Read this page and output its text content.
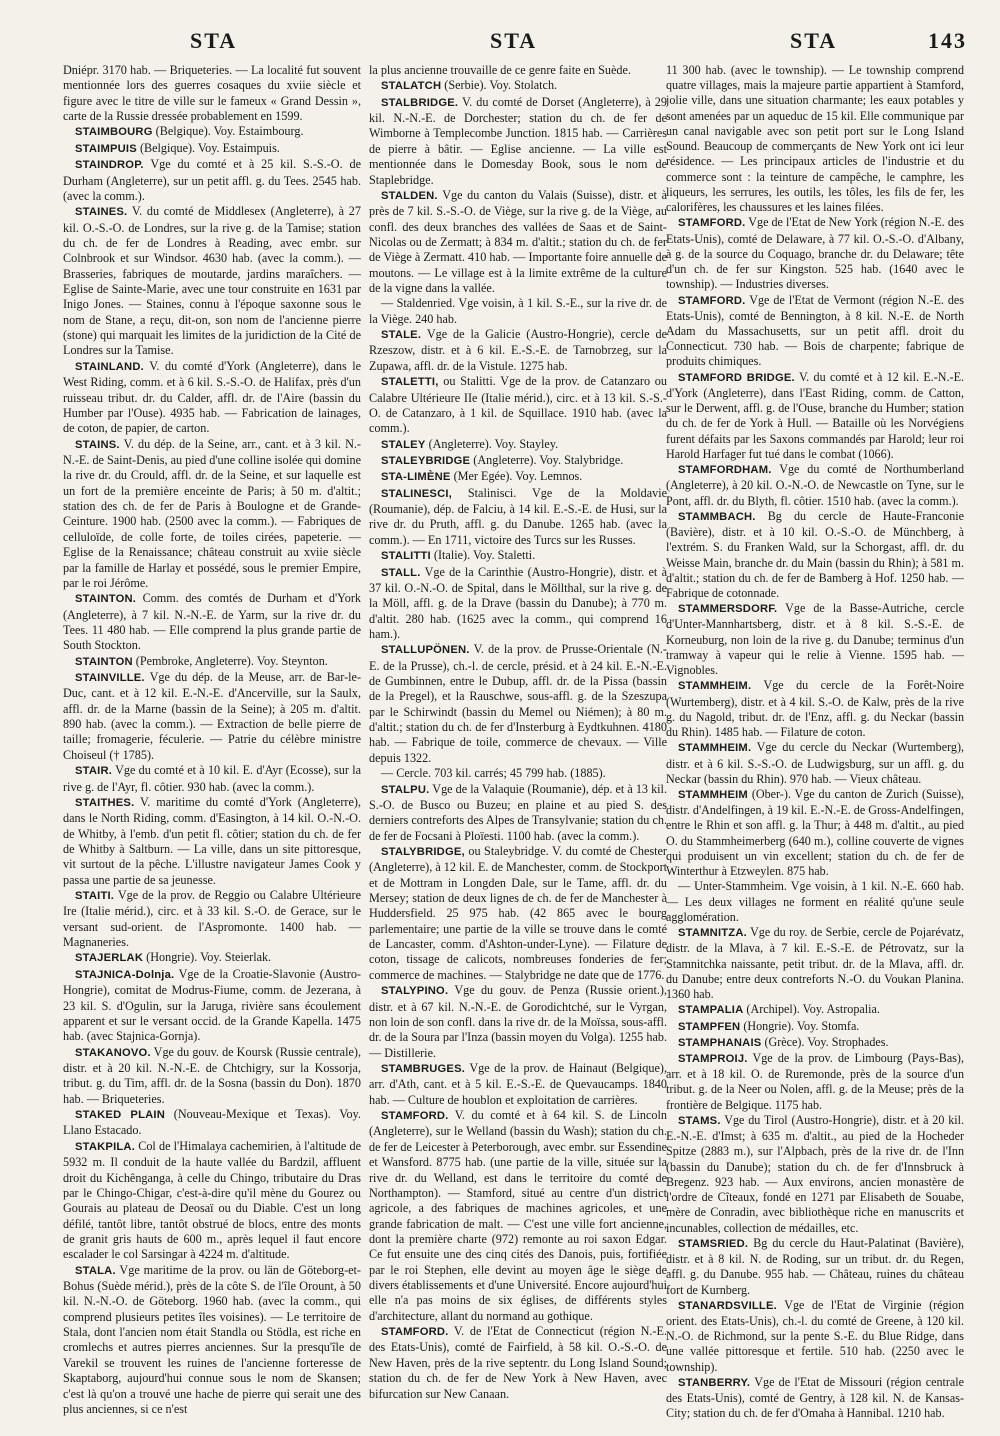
STA	STA	STA	143

Dniépr. 3170 hab. — Briqueteries. — La localité fut souvent mentionnée lors des guerres cosaques du xviie siècle et figure avec le titre de ville sur le fameux « Grand Dessin », carte de la Russie dressée probablement en 1599.

STAIMBOURG (Belgique). Voy. Estaimbourg.

STAIMPUIS (Belgique). Voy. Estaimpuis.

STAINDROP. Vge du comté et à 25 kil. S.-S.-O. de Durham (Angleterre), sur un petit affl. g. du Tees. 2545 hab. (avec la comm.).

STAINES. V. du comté de Middlesex (Angleterre), à 27 kil. O.-S.-O. de Londres, sur la rive g. de la Tamise; station du ch. de fer de Londres à Reading, avec embr. sur Colnbrook et sur Windsor. 4630 hab. (avec la comm.). — Brasseries, fabriques de moutarde, jardins maraîchers. — Eglise de Sainte-Marie, avec une tour construite en 1631 par Inigo Jones. — Staines, connu à l'époque saxonne sous le nom de Stane, a reçu, dit-on, son nom de l'ancienne pierre (stone) qui marquait les limites de la juridiction de la Cité de Londres sur la Tamise.

STAINLAND. V. du comté d'York (Angleterre), dans le West Riding, comm. et à 6 kil. S.-S.-O. de Halifax, près d'un ruisseau tribut. dr. du Calder, affl. dr. de l'Aire (bassin du Humber par l'Ouse). 4935 hab. — Fabrication de lainages, de coton, de papier, de carton.

STAINS. V. du dép. de la Seine, arr., cant. et à 3 kil. N.-N.-E. de Saint-Denis, au pied d'une colline isolée qui domine la rive dr. du Crould, affl. dr. de la Seine, et sur laquelle est un fort de la première enceinte de Paris; à 50 m. d'altit.; station des ch. de fer de Paris à Boulogne et de Grande-Ceinture. 1900 hab. (2500 avec la comm.). — Fabriques de celluloïde, de colle forte, de toiles cirées, papeterie. — Eglise de la Renaissance; château construit au xviie siècle par la famille de Harlay et possédé, sous le premier Empire, par le roi Jérôme.

STAINTON. Comm. des comtés de Durham et d'York (Angleterre), à 7 kil. N.-N.-E. de Yarm, sur la rive dr. du Tees. 11 480 hab. — Elle comprend la plus grande partie de South Stockton.

STAINTON (Pembroke, Angleterre). Voy. Steynton.

STAINVILLE. Vge du dép. de la Meuse, arr. de Bar-le-Duc, cant. et à 12 kil. E.-N.-E. d'Ancerville, sur la Saulx, affl. dr. de la Marne (bassin de la Seine); à 205 m. d'altit. 890 hab. (avec la comm.). — Extraction de belle pierre de taille; fromagerie, féculerie. — Patrie du célèbre ministre Choiseul († 1785).

STAIR. Vge du comté et à 10 kil. E. d'Ayr (Ecosse), sur la rive g. de l'Ayr, fl. côtier. 930 hab. (avec la comm.).

STAITHES. V. maritime du comté d'York (Angleterre), dans le North Riding, comm. d'Easington, à 14 kil. O.-N.-O. de Whitby, à l'emb. d'un petit fl. côtier; station du ch. de fer de Whitby à Saltburn. — La ville, dans un site pittoresque, vit surtout de la pêche. L'illustre navigateur James Cook y passa une partie de sa jeunesse.

STAITI. Vge de la prov. de Reggio ou Calabre Ultérieure Ire (Italie mérid.), circ. et à 33 kil. S.-O. de Gerace, sur le versant sud-orient. de l'Aspromonte. 1400 hab. — Magnaneries.

STAJERLAK (Hongrie). Voy. Steierlak.

STAJNICA-Dolnja. Vge de la Croatie-Slavonie (Austro-Hongrie), comitat de Modrus-Fiume, comm. de Jezerana, à 23 kil. S. d'Ogulin, sur la Jaruga, rivière sans écoulement apparent et sur le versant occid. de la Grande Kapella. 1475 hab. (avec Stajnica-Gornja).

STAKANOVO. Vge du gouv. de Koursk (Russie centrale), distr. et à 20 kil. N.-N.-E. de Chtchigry, sur la Kossorja, tribut. g. du Tim, affl. dr. de la Sosna (bassin du Don). 1870 hab. — Briqueteries.

STAKED PLAIN (Nouveau-Mexique et Texas). Voy. Llano Estacado.

STAKPILA. Col de l'Himalaya cachemirien, à l'altitude de 5932 m. Il conduit de la haute vallée du Bardzil, affluent droit du Kichênganga, à celle du Chingo, tributaire du Dras par le Chingo-Chigar, c'est-à-dire qu'il mène du Gourez ou Gourais au plateau de Deosaï ou du Diable. C'est un long défilé, tantôt libre, tantôt obstrué de blocs, entre des monts de granit gris hauts de 600 m., après lequel il faut encore escalader le col Sarsingar à 4224 m. d'altitude.

STALA. Vge maritime de la prov. ou län de Göteborg-et-Bohus (Suède mérid.), près de la côte S. de l'île Orount, à 50 kil. N.-N.-O. de Göteborg. 1960 hab. (avec la comm., qui comprend plusieurs petites îles voisines). — Le territoire de Stala, dont l'ancien nom était Standla ou Stödla, est riche en cromlechs et autres pierres anciennes. Sur la presqu'île de Varekil se trouvent les ruines de l'ancienne forteresse de Skaptaborg, aujourd'hui connue sous le nom de Skansen; c'est là qu'on a trouvé une hache de pierre qui serait une des plus anciennes, si ce n'est

la plus ancienne trouvaille de ce genre faite en Suède.

STALATCH (Serbie). Voy. Stolatch.

STALBRIDGE. V. du comté de Dorset (Angleterre), à 29 kil. N.-N.-E. de Dorchester; station du ch. de fer de Wimborne à Templecombe Junction. 1815 hab. — Carrières de pierre à bâtir. — Eglise ancienne. — La ville est mentionnée dans le Domesday Book, sous le nom de Staplebridge.

STALDEN. Vge du canton du Valais (Suisse), distr. et à près de 7 kil. S.-S.-O. de Viège, sur la rive g. de la Viège, au confl. des deux branches des vallées de Saas et de Saint-Nicolas ou de Zermatt; à 834 m. d'altit.; station du ch. de fer de Viège à Zermatt. 410 hab. — Importante foire annuelle de moutons. — Le village est à la limite extrême de la culture de la vigne dans la vallée.

— Staldenried. Vge voisin, à 1 kil. S.-E., sur la rive dr. de la Viège. 240 hab.

STALE. Vge de la Galicie (Austro-Hongrie), cercle de Rzeszow, distr. et à 6 kil. E.-S.-E. de Tarnobrzeg, sur la Zupawa, affl. dr. de la Vistule. 1275 hab.

STALETTI, ou Stalitti. Vge de la prov. de Catanzaro ou Calabre Ultérieure IIe (Italie mérid.), circ. et à 13 kil. S.-S.-O. de Catanzaro, à 1 kil. de Squillace. 1910 hab. (avec la comm.).

STALEY (Angleterre). Voy. Stayley.

STALEYBRIDGE (Angleterre). Voy. Stalybridge.

STA-LIMÈNE (Mer Egée). Voy. Lemnos.

STALINESCI, Stalinisci. Vge de la Moldavie (Roumanie), dép. de Falciu, à 14 kil. E.-S.-E. de Husi, sur la rive dr. du Pruth, affl. g. du Danube. 1265 hab. (avec la comm.). — En 1711, victoire des Turcs sur les Russes.

STALITTI (Italie). Voy. Staletti.

STALL. Vge de la Carinthie (Austro-Hongrie), distr. et à 37 kil. O.-N.-O. de Spital, dans le Möllthal, sur la rive g. de la Möll, affl. g. de la Drave (bassin du Danube); à 770 m. d'altit. 280 hab. (1625 avec la comm., qui comprend 16 ham.).

STALLUPÖNEN. V. de la prov. de Prusse-Orientale (N.-E. de la Prusse), ch.-l. de cercle, présid. et à 24 kil. E.-N.-E. de Gumbinnen, entre le Dubup, affl. dr. de la Pissa (bassin de la Pregel), et la Rauschwe, sous-affl. g. de la Szeszupa par le Schirwindt (bassin du Memel ou Niémen); à 80 m. d'altit.; station du ch. de fer d'Insterburg à Eydtkuhnen. 4180 hab. — Fabrique de toile, commerce de chevaux. — Ville depuis 1322.

— Cercle. 703 kil. carrés; 45 799 hab. (1885).

STALPU. Vge de la Valaquie (Roumanie), dép. et à 13 kil. S.-O. de Busco ou Buzeu; en plaine et au pied S. des derniers contreforts des Alpes de Transylvanie; station du ch. de fer de Focsani à Ploïesti. 1100 hab. (avec la comm.).

STALYBRIDGE, ou Staleybridge. V. du comté de Chester (Angleterre), à 12 kil. E. de Manchester, comm. de Stockport et de Mottram in Longden Dale, sur le Tame, affl. dr. du Mersey; station de deux lignes de ch. de fer de Manchester à Huddersfield. 25 975 hab. (42 865 avec le bourg parlementaire; une partie de la ville se trouve dans le comté de Lancaster, comm. d'Ashton-under-Lyne). — Filature de coton, tissage de calicots, nombreuses fonderies de fer; commerce de machines. — Stalybridge ne date que de 1776.

STALYPINO. Vge du gouv. de Penza (Russie orient.), distr. et à 67 kil. N.-N.-E. de Gorodichtché, sur le Vyrgan, non loin de son confl. dans la rive dr. de la Moïssa, sous-affl. dr. de la Soura par l'Inza (bassin moyen du Volga). 1255 hab. — Distillerie.

STAMBRUGES. Vge de la prov. de Hainaut (Belgique), arr. d'Ath, cant. et à 5 kil. E.-S.-E. de Quevaucamps. 1840 hab. — Culture de houblon et exploitation de carrières.

STAMFORD. V. du comté et à 64 kil. S. de Lincoln (Angleterre), sur le Welland (bassin du Wash); station du ch. de fer de Leicester à Peterborough, avec embr. sur Essendine et Wansford. 8775 hab. (une partie de la ville, située sur la rive dr. du Welland, est dans le territoire du comté de Northampton). — Stamford, situé au centre d'un district agricole, a des fabriques de machines agricoles, et une grande fabrication de malt. — C'est une ville fort ancienne, dont la première charte (972) remonte au roi saxon Edgar. Ce fut ensuite une des cinq cités des Danois, puis, fortifiée par le roi Stephen, elle devint au moyen âge le siège de divers établissements et d'une Université. Encore aujourd'hui elle n'a pas moins de six églises, de différents styles d'architecture, allant du normand au gothique.

STAMFORD. V. de l'Etat de Connecticut (région N.-E. des Etats-Unis), comté de Fairfield, à 58 kil. O.-S.-O. de New Haven, près de la rive septentr. du Long Island Sound; station du ch. de fer de New York à New Haven, avec bifurcation sur New Canaan.

11 300 hab. (avec le township). — Le township comprend quatre villages, mais la majeure partie appartient à Stamford, jolie ville, dans une situation charmante; les eaux potables y sont amenées par un aqueduc de 15 kil. Elle communique par un canal navigable avec son petit port sur le Long Island Sound. Beaucoup de commerçants de New York ont ici leur résidence. — Les principaux articles de l'industrie et du commerce sont : la teinture de campêche, le camphre, les liqueurs, les serrures, les outils, les tôles, les fils de fer, les calorifères, les chaussures et les laines filées.

STAMFORD. Vge de l'Etat de New York (région N.-E. des Etats-Unis), comté de Delaware, à 77 kil. O.-S.-O. d'Albany, à g. de la source du Coquago, branche dr. du Delaware; tête d'un ch. de fer sur Kingston. 525 hab. (1640 avec le township). — Industries diverses.

STAMFORD. Vge de l'Etat de Vermont (région N.-E. des Etats-Unis), comté de Bennington, à 8 kil. N.-E. de North Adam du Massachusetts, sur un petit affl. droit du Connecticut. 730 hab. — Bois de charpente; fabrique de produits chimiques.

STAMFORD BRIDGE. V. du comté et à 12 kil. E.-N.-E. d'York (Angleterre), dans l'East Riding, comm. de Catton, sur le Derwent, affl. g. de l'Ouse, branche du Humber; station du ch. de fer de York à Hull. — Bataille où les Norvégiens furent défaits par les Saxons commandés par Harold; leur roi Harold Harfager fut tué dans le combat (1066).

STAMFORDHAM. Vge du comté de Northumberland (Angleterre), à 20 kil. O.-N.-O. de Newcastle on Tyne, sur le Pont, affl. dr. du Blyth, fl. côtier. 1510 hab. (avec la comm.).

STAMMBACH. Bg du cercle de Haute-Franconie (Bavière), distr. et à 10 kil. O.-S.-O. de Münchberg, à l'extrém. S. du Franken Wald, sur la Schorgast, affl. dr. du Weisse Main, branche dr. du Main (bassin du Rhin); à 581 m. d'altit.; station du ch. de fer de Bamberg à Hof. 1250 hab. — Fabrique de cotonnade.

STAMMERSDORF. Vge de la Basse-Autriche, cercle d'Unter-Mannhartsberg, distr. et à 8 kil. S.-S.-E. de Korneuburg, non loin de la rive g. du Danube; terminus d'un tramway à vapeur qui le relie à Vienne. 1595 hab. — Vignobles.

STAMMHEIM. Vge du cercle de la Forêt-Noire (Wurtemberg), distr. et à 4 kil. S.-O. de Kalw, près de la rive g. du Nagold, tribut. dr. de l'Enz, affl. g. du Neckar (bassin du Rhin). 1485 hab. — Filature de coton.

STAMMHEIM. Vge du cercle du Neckar (Wurtemberg), distr. et à 6 kil. S.-S.-O. de Ludwigsburg, sur un affl. g. du Neckar (bassin du Rhin). 970 hab. — Vieux château.

STAMMHEIM (Ober-). Vge du canton de Zurich (Suisse), distr. d'Andelfingen, à 19 kil. E.-N.-E. de Gross-Andelfingen, entre le Rhin et son affl. g. la Thur; à 448 m. d'altit., au pied O. du Stammheimerberg (640 m.), colline couverte de vignes qui produisent un vin excellent; station du ch. de fer de Winterthur à Etzweylen. 875 hab.

— Unter-Stammheim. Vge voisin, à 1 kil. N.-E. 660 hab. — Les deux villages ne forment en réalité qu'une seule agglomération.

STAMNITZA. Vge du roy. de Serbie, cercle de Pojarévatz, distr. de la Mlava, à 7 kil. E.-S.-E. de Pétrovatz, sur la Stamnitchka naissante, petit tribut. dr. de la Mlava, affl. dr. du Danube; entre deux contreforts N.-O. du Voukan Planina. 1360 hab.

STAMPALIA (Archipel). Voy. Astropalia.

STAMPFEN (Hongrie). Voy. Stomfa.

STAMPHANAIS (Grèce). Voy. Strophades.

STAMPROIJ. Vge de la prov. de Limbourg (Pays-Bas), arr. et à 18 kil. O. de Ruremonde, près de la source d'un tribut. g. de la Neer ou Nolen, affl. g. de la Meuse; près de la frontière de Belgique. 1175 hab.

STAMS. Vge du Tirol (Austro-Hongrie), distr. et à 20 kil. E.-N.-E. d'Imst; à 635 m. d'altit., au pied de la Hocheder Spitze (2883 m.), sur l'Alpbach, près de la rive dr. de l'Inn (bassin du Danube); station du ch. de fer d'Innsbruck à Bregenz. 923 hab. — Aux environs, ancien monastère de l'ordre de Cîteaux, fondé en 1271 par Elisabeth de Souabe, mère de Conradin, avec bibliothèque riche en manuscrits et incunables, collection de médailles, etc.

STAMSRIED. Bg du cercle du Haut-Palatinat (Bavière), distr. et à 8 kil. N. de Roding, sur un tribut. dr. du Regen, affl. g. du Danube. 955 hab. — Château, ruines du château fort de Kurnberg.

STANARDSVILLE. Vge de l'Etat de Virginie (région orient. des Etats-Unis), ch.-l. du comté de Greene, à 120 kil. N.-O. de Richmond, sur la pente S.-E. du Blue Ridge, dans une vallée pittoresque et fertile. 510 hab. (2250 avec le township).

STANBERRY. Vge de l'Etat de Missouri (région centrale des Etats-Unis), comté de Gentry, à 128 kil. N. de Kansas-City; station du ch. de fer d'Omaha à Hannibal. 1210 hab.
